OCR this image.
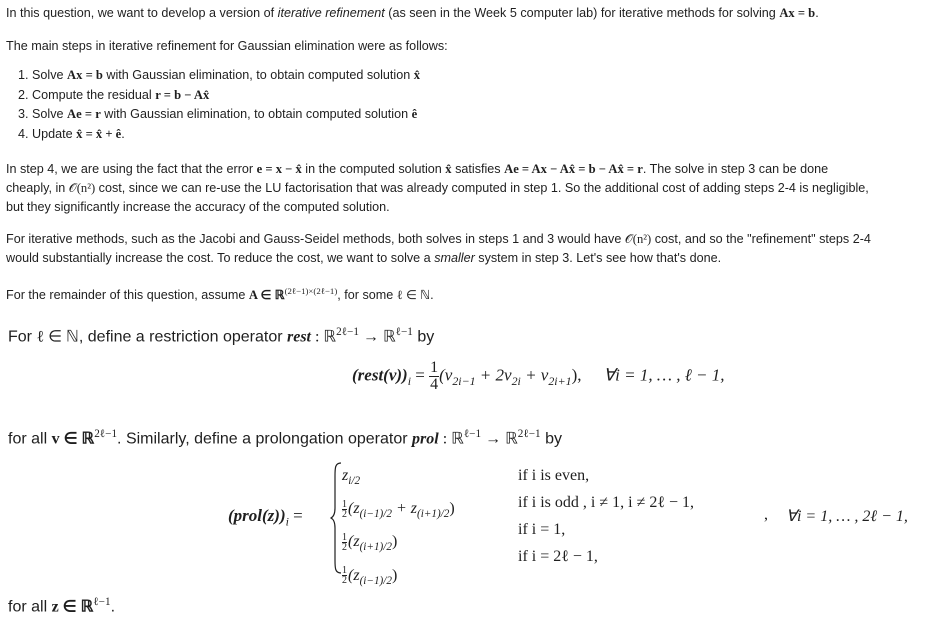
In this question, we want to develop a version of iterative refinement (as seen in the Week 5 computer lab) for iterative methods for solving Ax = b.
The main steps in iterative refinement for Gaussian elimination were as follows:
1. Solve Ax = b with Gaussian elimination, to obtain computed solution x̂
2. Compute the residual r = b − Ax̂
3. Solve Ae = r with Gaussian elimination, to obtain computed solution ê
4. Update x̂ = x̂ + ê.
In step 4, we are using the fact that the error e = x − x̂ in the computed solution x̂ satisfies Ae = Ax − Ax̂ = b − Ax̂ = r. The solve in step 3 can be done
cheaply, in 𝒪(n²) cost, since we can re-use the LU factorisation that was already computed in step 1. So the additional cost of adding steps 2-4 is negligible,
but they significantly increase the accuracy of the computed solution.
For iterative methods, such as the Jacobi and Gauss-Seidel methods, both solves in steps 1 and 3 would have 𝒪(n²) cost, and so the "refinement" steps 2-4
would substantially increase the cost. To reduce the cost, we want to solve a smaller system in step 3. Let's see how that's done.
For the remainder of this question, assume A ∈ ℝ$^{(2\ell-1)\times(2\ell-1)}$, for some ℓ ∈ ℕ.
For ℓ ∈ ℕ, define a restriction operator rest : ℝ$^{2\ell-1}$ → ℝ$^{\ell-1}$ by
$(rest(v))_i = \frac{1}{4} (v_{2i-1} + 2v_{2i} + v_{2i+1})$, ∀i = 1, … , ℓ − 1,
for all v ∈ ℝ$^{2\ell-1}$. Similarly, define a prolongation operator prol : ℝ$^{\ell-1}$ → ℝ$^{2\ell-1}$ by
$(prol(z))_i$ =
$z_{i/2}$
$\frac{1}{2}(z_{(i-1)/2} + z_{(i+1)/2})$
$\frac{1}{2}(z_{(i+1)/2})$
$\frac{1}{2}(z_{(i-1)/2})$
if i is even,
if i is odd , i ≠ 1, i ≠ 2ℓ − 1,
if i = 1,
if i = 2ℓ − 1,
, ∀i = 1, … , 2ℓ − 1,
for all z ∈ ℝ$^{\ell-1}$.
